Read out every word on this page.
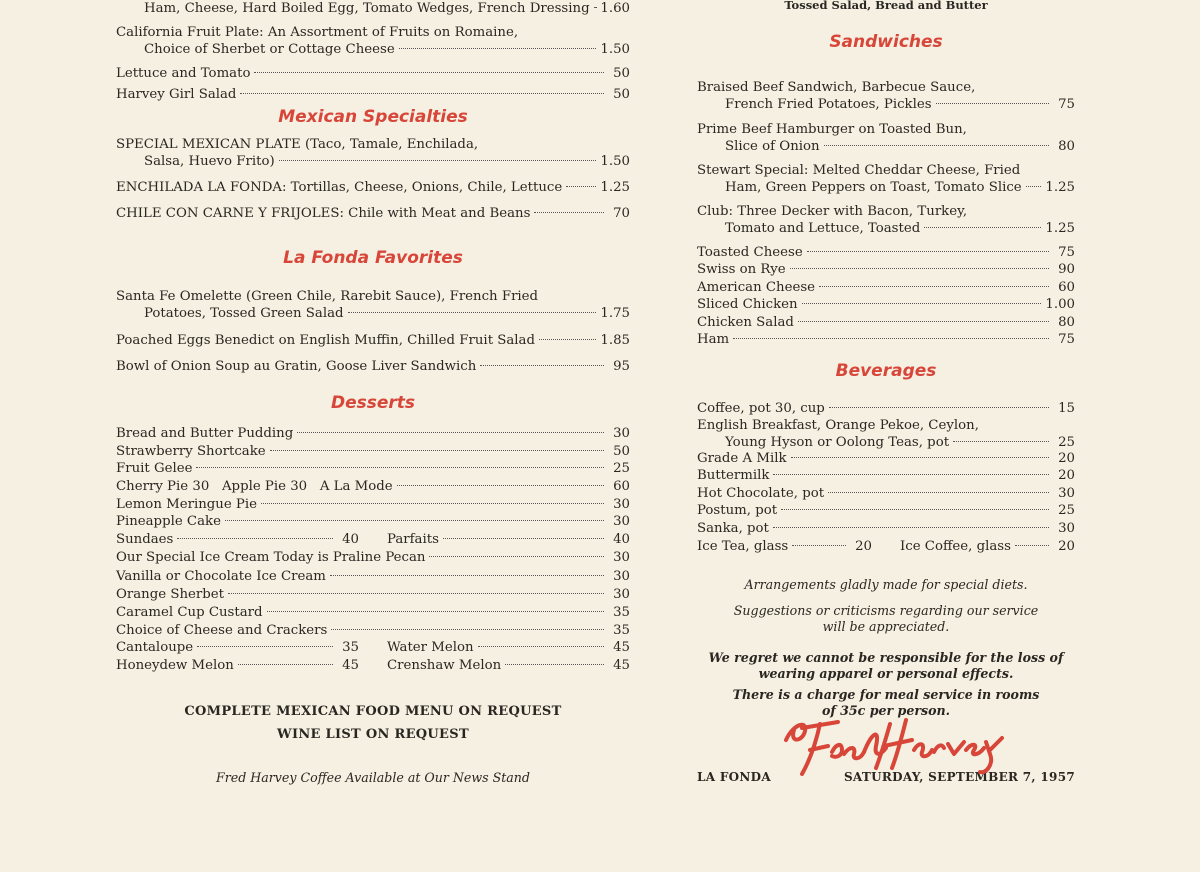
Ham, Cheese, Hard Boiled Egg, Tomato Wedges, French Dressing 1.60
California Fruit Plate: An Assortment of Fruits on Romaine,
Choice of Sherbet or Cottage Cheese	1.50
Lettuce and Tomato	50
Harvey Girl Salad	50
Mexican Specialties
SPECIAL MEXICAN PLATE (Taco, Tamale, Enchilada,
Salsa, Huevo Frito)	1.50
ENCHILADA LA FONDA: Tortillas, Cheese, Onions, Chile, Lettuce	1.25
CHILE CON CARNE Y FRIJOLES: Chile with Meat and Beans	70
La Fonda Favorites
Santa Fe Omelette (Green Chile, Rarebit Sauce), French Fried
Potatoes, Tossed Green Salad	1.75
Poached Eggs Benedict on English Muffin, Chilled Fruit Salad	1.85
Bowl of Onion Soup au Gratin, Goose Liver Sandwich	95
Desserts
Bread and Butter Pudding	30
Strawberry Shortcake	50
Fruit Gelee	25
Cherry Pie 30   Apple Pie 30   A La Mode	60
Lemon Meringue Pie	30
Pineapple Cake	30
Sundaes	40 Parfaits	40
Our Special Ice Cream Today is Praline Pecan	30
Vanilla or Chocolate Ice Cream	30
Orange Sherbet	30
Caramel Cup Custard	35
Choice of Cheese and Crackers	35
Cantaloupe	35 Water Melon	45
Honeydew Melon	45 Crenshaw Melon	45
COMPLETE MEXICAN FOOD MENU ON REQUEST
WINE LIST ON REQUEST
Fred Harvey Coffee Available at Our News Stand
Tossed Salad, Bread and Butter
Sandwiches
Braised Beef Sandwich, Barbecue Sauce,
French Fried Potatoes, Pickles	75
Prime Beef Hamburger on Toasted Bun,
Slice of Onion	80
Stewart Special: Melted Cheddar Cheese, Fried
Ham, Green Peppers on Toast, Tomato Slice 1.25
Club: Three Decker with Bacon, Turkey,
Tomato and Lettuce, Toasted	1.25
Toasted Cheese	75
Swiss on Rye	90
American Cheese	60
Sliced Chicken	1.00
Chicken Salad	80
Ham	75
Beverages
Coffee, pot 30, cup	15
English Breakfast, Orange Pekoe, Ceylon,
Young Hyson or Oolong Teas, pot	25
Grade A Milk	20
Buttermilk	20
Hot Chocolate, pot	30
Postum, pot	25
Sanka, pot	30
Ice Tea, glass	20 Ice Coffee, glass	20
Arrangements gladly made for special diets.
Suggestions or criticisms regarding our service
will be appreciated.
We regret we cannot be responsible for the loss of
wearing apparel or personal effects.
There is a charge for meal service in rooms
of 35c per person.
LA FONDA	SATURDAY, SEPTEMBER 7, 1957
